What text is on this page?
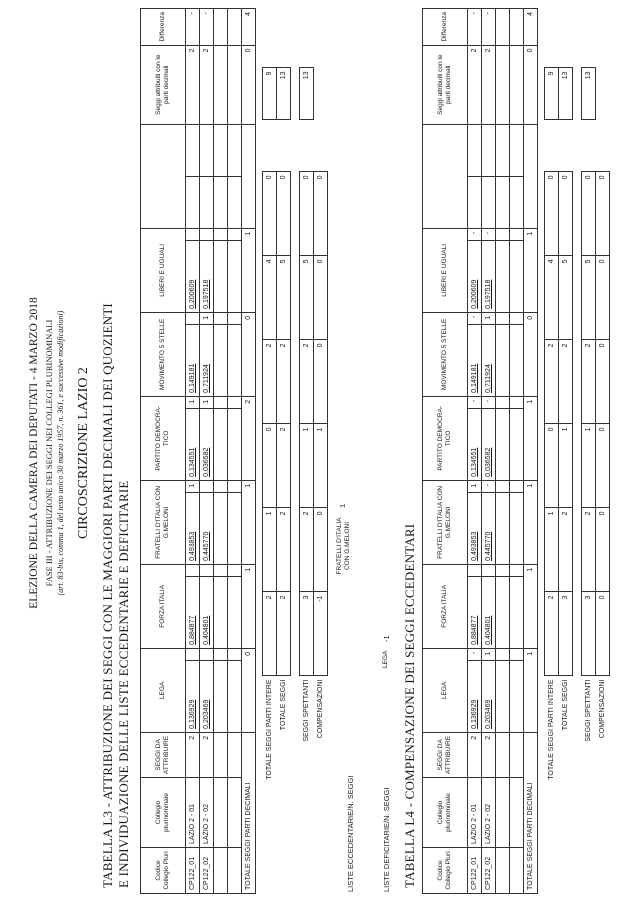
ELEZIONE DELLA CAMERA DEI DEPUTATI - 4 MARZO 2018 FASE III - ATTRIBUZIONE DEI SEGGI NEI COLLEGI PLURINOMINALI (art. 83-bis, comma 1, del testo unico 30 marzo 1957, n. 361, e successive modificazioni) CIRCOSCRIZIONE LAZIO 2 TABELLA L3 - ATTRIBUZIONE DEI SEGGI CON LE MAGGIORI PARTI DECIMALI DEI QUOZIENTI E INDIVIDUAZIONE DELLE LISTE ECCEDENTARIE E DEFICITARIE	Codice Collegio Pluri	Collegio plurinominale	SEGGI DA ATTRIBUIRE	LEGA		FORZA ITALIA		FRATELLI D'ITALIA CON G.MELONI		PARTITO DEMOCRA-TICO		MOVIMENTO 5 STELLE		LIBERI E UGUALI				Seggi attribuiti con le parti decimali	Differenza
CP122_01	LAZIO 2 - 01	2	0,136929		0,884877		0,493853	1	0,134551	1	0,149181		0,200609				2	-
CP122_02	LAZIO 2 - 02	2	0,203469		0,404801		0,445770		0,036582	1	0,711924	1	0,197518				2	-

TOTALE SEGGI PARTI DECIMALI			0		1		1		2		0		1				0	4
TOTALE SEGGI PARTI INTERE	2	1	0	2	4	0		9
TOTALE SEGGI	2	2	2	2	5	0		13

SEGGI SPETTANTI	3	2	1	2	5	0		13
COMPENSAZIONI	-1	0	1	0	0	0		
LISTE ECCEDENTARIE/N. SEGGI
FRATELLI D'ITALIA CON G.MELONI
1
LISTE DEFICITARIE/N. SEGGI
LEGA
-1 TABELLA L4 - COMPENSAZIONE DEI SEGGI ECCEDENTARI	Codice Collegio Pluri	Collegio plurinominale	SEGGI DA ATTRIBUIRE	LEGA		FORZA ITALIA		FRATELLI D'ITALIA CON G.MELONI		PARTITO DEMOCRA-TICO		MOVIMENTO 5 STELLE		LIBERI E UGUALI				Seggi attribuiti con le parti decimali	Differenza
CP122_01	LAZIO 2 - 01	2	0,136929	-	0,884877		0,493853	1	0,134551	-	0,149181	-	0,200609	-			2	-
CP122_02	LAZIO 2 - 02	2	0,203469	1	0,404801		0,445770	-	0,036582	-	0,711924	1	0,197518	-			2	-

TOTALE SEGGI PARTI DECIMALI			1		1		1		1		0		1				0	4
TOTALE SEGGI PARTI INTERE	2	1	0	2	4	0		9
TOTALE SEGGI	3	2	1	2	5	0		13

SEGGI SPETTANTI	3	2	1	2	5	0		13
COMPENSAZIONI	0	0	0	0	0	0		
